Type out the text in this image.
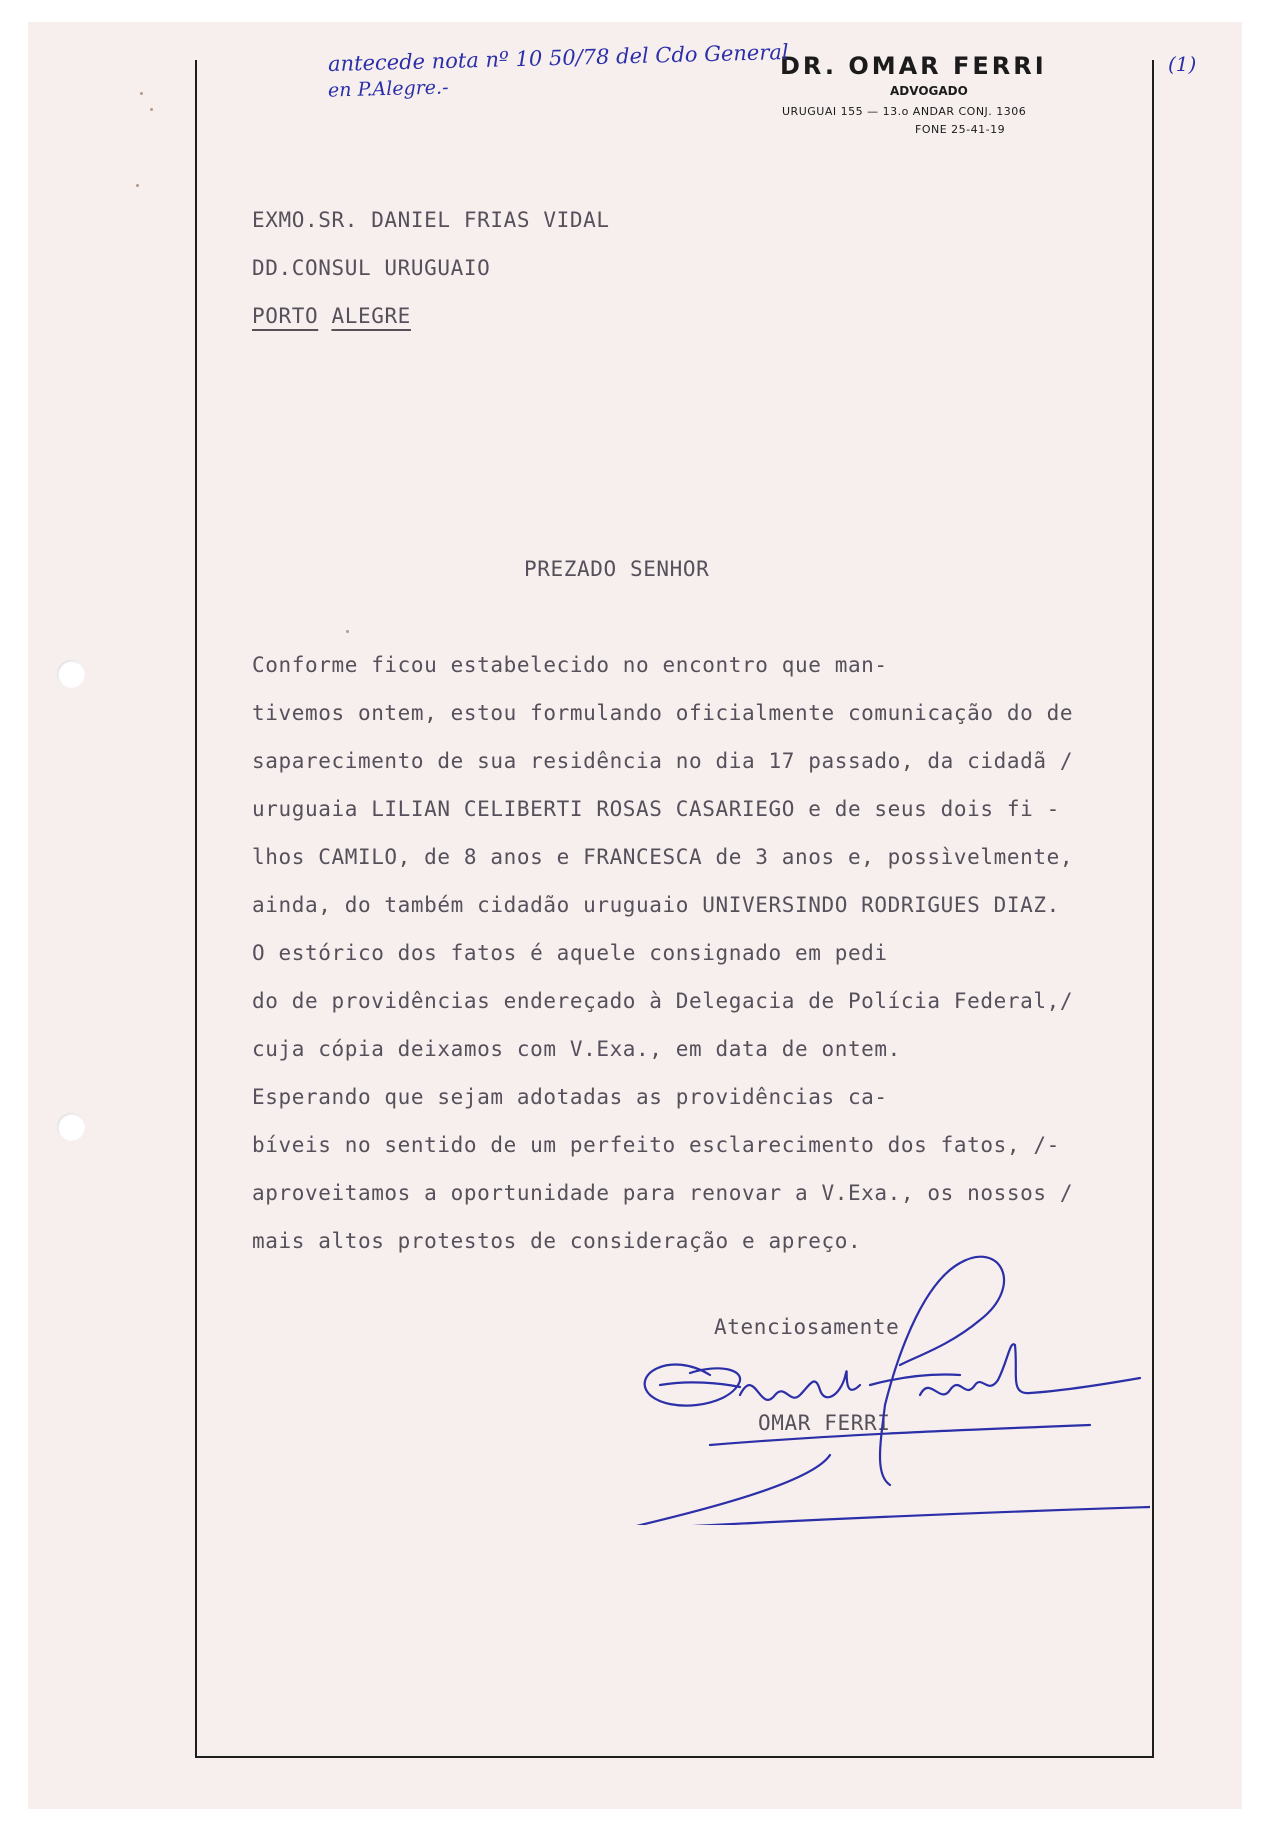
DR. OMAR FERRI
ADVOGADO
URUGUAI 155 — 13.o ANDAR CONJ. 1306
FONE 25-41-19
antecede nota nº 10 50/78 del Cdo General
en P.Alegre.-
(1)
EXMO.SR. DANIEL FRIAS VIDAL
DD.CONSUL URUGUAIO
PORTO ALEGRE
PREZADO SENHOR
Conforme ficou estabelecido no encontro que man-
tivemos ontem, estou formulando oficialmente comunicação do de
saparecimento de sua residência no dia 17 passado, da cidadã /
uruguaia LILIAN CELIBERTI ROSAS CASARIEGO e de seus dois fi -
lhos CAMILO, de 8 anos e FRANCESCA de 3 anos e, possìvelmente,
ainda, do também cidadão uruguaio UNIVERSINDO RODRIGUES DIAZ.
O estórico dos fatos é aquele consignado em pedi
do de providências endereçado à Delegacia de Polícia Federal,/
cuja cópia deixamos com V.Exa., em data de ontem.
Esperando que sejam adotadas as providências ca-
bíveis no sentido de um perfeito esclarecimento dos fatos, /-
aproveitamos a oportunidade para renovar a V.Exa., os nossos /
mais altos protestos de consideração e apreço.
Atenciosamente
OMAR FERRI
